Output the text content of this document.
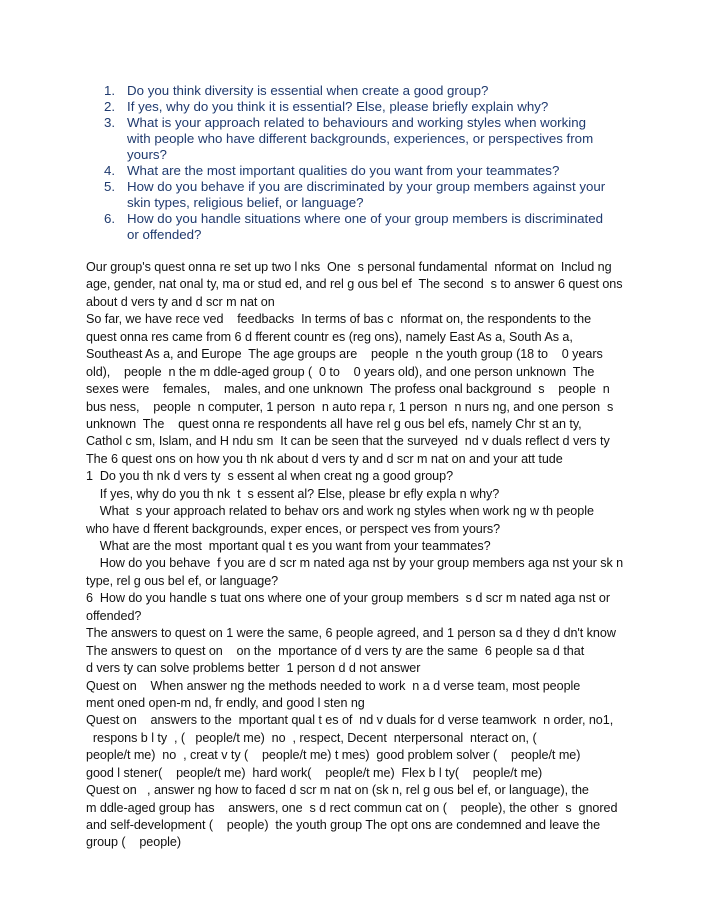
1. Do you think diversity is essential when create a good group?
2. If yes, why do you think it is essential? Else, please briefly explain why?
3. What is your approach related to behaviours and working styles when working
with people who have different backgrounds, experiences, or perspectives from
yours?
4. What are the most important qualities do you want from your teammates?
5. How do you behave if you are discriminated by your group members against your
skin types, religious belief, or language?
6. How do you handle situations where one of your group members is discriminated
or offended?
Our group's quest onna re set up two l nks  One  s personal fundamental  nformat on  Includ ng
age, gender, nat onal ty, ma or stud ed, and rel g ous bel ef  The second  s to answer 6 quest ons
about d vers ty and d scr m nat on
So far, we have rece ved    feedbacks  In terms of bas c  nformat on, the respondents to the
quest onna res came from 6 d fferent countr es (reg ons), namely East As a, South As a,
Southeast As a, and Europe  The age groups are    people  n the youth group (18 to    0 years
old),    people  n the m ddle-aged group (  0 to    0 years old), and one person unknown  The
sexes were    females,    males, and one unknown  The profess onal background  s    people  n
bus ness,    people  n computer, 1 person  n auto repa r, 1 person  n nurs ng, and one person  s
unknown  The    quest onna re respondents all have rel g ous bel efs, namely Chr st an ty,
Cathol c sm, Islam, and H ndu sm  It can be seen that the surveyed  nd v duals reflect d vers ty
The 6 quest ons on how you th nk about d vers ty and d scr m nat on and your att tude
1  Do you th nk d vers ty  s essent al when creat ng a good group?
If yes, why do you th nk  t  s essent al? Else, please br efly expla n why?
What  s your approach related to behav ors and work ng styles when work ng w th people
who have d fferent backgrounds, exper ences, or perspect ves from yours?
What are the most  mportant qual t es you want from your teammates?
How do you behave  f you are d scr m nated aga nst by your group members aga nst your sk n
type, rel g ous bel ef, or language?
6  How do you handle s tuat ons where one of your group members  s d scr m nated aga nst or
offended?
The answers to quest on 1 were the same, 6 people agreed, and 1 person sa d they d dn't know
The answers to quest on    on the  mportance of d vers ty are the same  6 people sa d that
d vers ty can solve problems better  1 person d d not answer
Quest on    When answer ng the methods needed to work  n a d verse team, most people
ment oned open-m nd, fr endly, and good l sten ng
Quest on    answers to the  mportant qual t es of  nd v duals for d verse teamwork  n order, no1,
respons b l ty  , (   people/t me)  no  , respect, Decent  nterpersonal  nteract on, (
people/t me)  no  , creat v ty (    people/t me) t mes)  good problem solver (    people/t me)
good l stener(    people/t me)  hard work(    people/t me)  Flex b l ty(    people/t me)
Quest on   , answer ng how to faced d scr m nat on (sk n, rel g ous bel ef, or language), the
m ddle-aged group has    answers, one  s d rect commun cat on (    people), the other  s  gnored
and self-development (    people)  the youth group The opt ons are condemned and leave the
group (    people)
